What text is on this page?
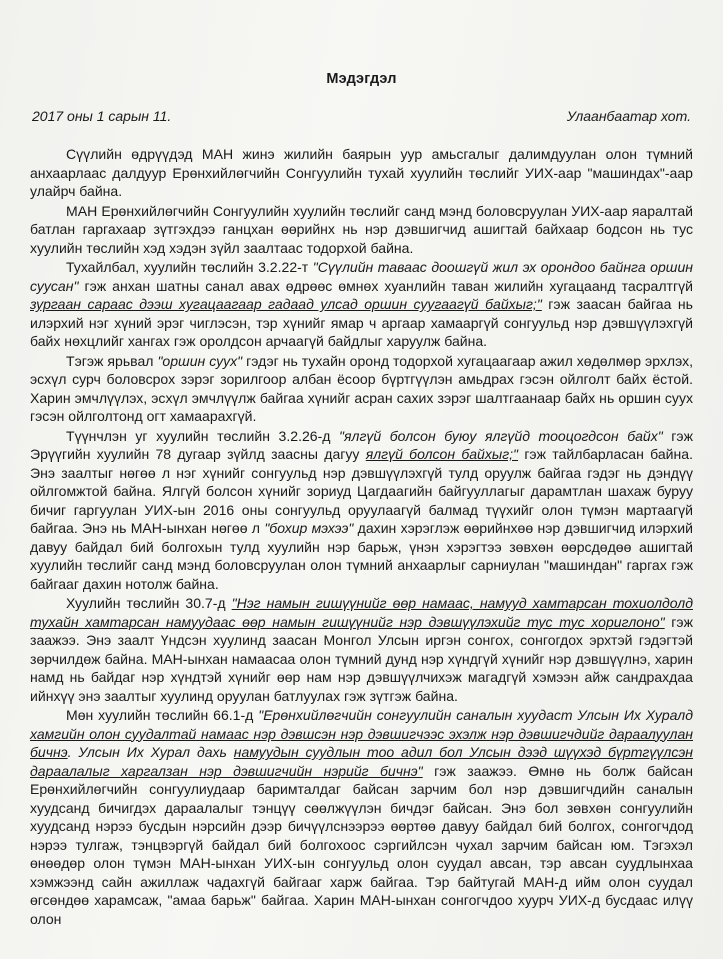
Мэдэгдэл
2017 оны 1 сарын 11.	Улаанбаатар хот.

Сүүлийн өдрүүдэд МАН жинэ жилийн баярын уур амьсгалыг далимдуулан олон түмний анхаарлаас далдуур Ерөнхийлөгчийн Сонгуулийн тухай хуулийн төслийг УИХ-аар "машиндах"-аар улайрч байна.

МАН Ерөнхийлөгчийн Сонгуулийн хуулийн төслийг санд мэнд боловсруулан УИХ-аар яаралтай батлан гаргахаар зүтгэхдээ ганцхан өөрийнх нь нэр дэвшигчид ашигтай байхаар бодсон нь тус хуулийн төслийн хэд хэдэн зүйл заалтаас тодорхой байна.

Тухайлбал, хуулийн төслийн 3.2.22-т "Сүүлийн таваас доошгүй жил эх орондоо байнга оршин суусан" гэж анхан шатны санал авах өдрөөс өмнөх хуанлийн таван жилийн хугацаанд тасралтгүй зургаан сараас дээш хугацаагаар гадаад улсад оршин суугаагүй байхыг;" гэж заасан байгаа нь илэрхий нэг хүний эрэг чиглэсэн, тэр хүнийг ямар ч аргаар хамааргүй сонгуульд нэр дэвшүүлэхгүй байх нөхцлийг хангах гэж оролдсон арчаагүй байдлыг харуулж байна.

Тэгэж ярьвал "оршин суух" гэдэг нь тухайн оронд тодорхой хугацаагаар ажил хөдөлмөр эрхлэх, эсхүл сурч боловсрох зэрэг зорилгоор албан ёсоор бүртгүүлэн амьдрах гэсэн ойлголт байх ёстой. Харин эмчлүүлэх, эсхүл эмчлүүлж байгаа хүнийг асран сахих зэрэг шалтгаанаар байх нь оршин суух гэсэн ойлголтонд огт хамаарахгүй.

Түүнчлэн уг хуулийн төслийн 3.2.26-д "ялгүй болсон буюу ялгүйд тооцогдсон байх" гэж Эрүүгийн хуулийн 78 дугаар зүйлд заасны дагуу ялгүй болсон байхыг;" гэж тайлбарласан байна. Энэ заалтыг нөгөө л нэг хүнийг сонгуульд нэр дэвшүүлэхгүй тулд оруулж байгаа гэдэг нь дэндүү ойлгомжтой байна. Ялгүй болсон хүнийг зориуд Цагдаагийн байгууллагыг дарамтлан шахаж буруу бичиг гаргуулан УИХ-ын 2016 оны сонгуульд оруулаагүй балмад түүхийг олон түмэн мартаагүй байгаа. Энэ нь МАН-ынхан нөгөө л "бохир мэхээ" дахин хэрэглэж өөрийнхөө нэр дэвшигчид илэрхий давуу байдал бий болгохын тулд хуулийн нэр барьж, үнэн хэрэгтээ зөвхөн өөрсдөдөө ашигтай хуулийн төслийг санд мэнд боловсруулан олон түмний анхаарлыг сарниулан "машиндан" гаргах гэж байгааг дахин нотолж байна.

Хуулийн төслийн 30.7-д "Нэг намын гишүүнийг өөр намаас, намууд хамтарсан тохиолдолд тухайн хамтарсан намуудаас өөр намын гишүүнийг нэр дэвшүүлэхийг тус тус хориглоно" гэж заажээ. Энэ заалт Үндсэн хуулинд заасан Монгол Улсын иргэн сонгох, сонгогдох эрхтэй гэдэгтэй зөрчилдөж байна. МАН-ынхан намаасаа олон түмний дунд нэр хүндгүй хүнийг нэр дэвшүүлнэ, харин намд нь байдаг нэр хүндтэй хүнийг өөр нам нэр дэвшүүлчихэж магадгүй хэмээн айж сандрахдаа ийнхүү энэ заалтыг хуулинд оруулан батлуулах гэж зүтгэж байна.

Мөн хуулийн төслийн 66.1-д "Ерөнхийлөгчийн сонгуулийн саналын хуудаст Улсын Их Хуралд хамгийн олон суудалтай намаас нэр дэвшсэн нэр дэвшигчээс эхэлж нэр дэвшигчдийг дараалуулан бичнэ. Улсын Их Хурал дахь намуудын суудлын тоо адил бол Улсын дээд шүүхэд бүртгүүлсэн дараалалыг харгалзан нэр дэвшигчийн нэрийг бичнэ" гэж заажээ. Өмнө нь болж байсан Ерөнхийлөгчийн сонгуулиудаар баримталдаг байсан зарчим бол нэр дэвшигчдийн саналын хуудсанд бичигдэх дараалалыг тэнцүү сөөлжүүлэн бичдэг байсан. Энэ бол зөвхөн сонгуулийн хуудсанд нэрээ бусдын нэрсийн дээр бичүүлснээрээ өөртөө давуу байдал бий болгох, сонгогчдод нэрээ тулгаж, тэнцвэргүй байдал бий болгохоос сэргийлсэн чухал зарчим байсан юм. Тэгэхэл өнөөдөр олон түмэн МАН-ынхан УИХ-ын сонгуульд олон суудал авсан, тэр авсан суудлынхаа хэмжээнд сайн ажиллаж чадахгүй байгааг харж байгаа. Тэр байтугай МАН-д ийм олон суудал өгсөндөө харамсаж, "амаа барьж" байгаа. Харин МАН-ынхан сонгогчдоо хуурч УИХ-д бусдаас илүү олон
